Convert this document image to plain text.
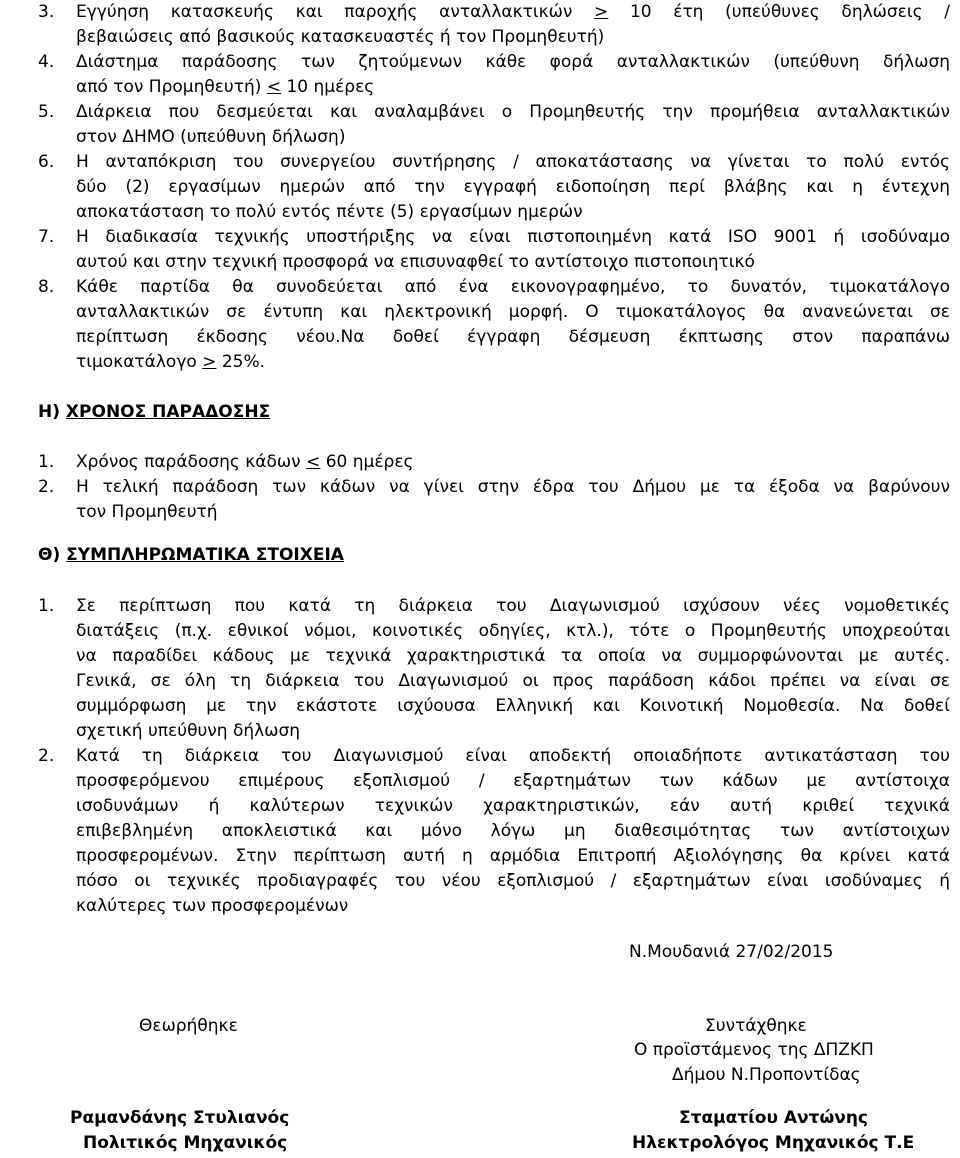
3. Εγγύηση κατασκευής και παροχής ανταλλακτικών > 10 έτη (υπεύθυνες δηλώσεις /
βεβαιώσεις από βασικούς κατασκευαστές ή τον Προμηθευτή)
4. Διάστημα παράδοσης των ζητούμενων κάθε φορά ανταλλακτικών (υπεύθυνη δήλωση
από τον Προμηθευτή) < 10 ημέρες
5. Διάρκεια που δεσμεύεται και αναλαμβάνει ο Προμηθευτής την προμήθεια ανταλλακτικών
στον ΔΗΜΟ (υπεύθυνη δήλωση)
6. Η ανταπόκριση του συνεργείου συντήρησης / αποκατάστασης να γίνεται το πολύ εντός
δύο (2) εργασίμων ημερών από την εγγραφή ειδοποίηση περί βλάβης και η έντεχνη
αποκατάσταση το πολύ εντός πέντε (5) εργασίμων ημερών
7. Η διαδικασία τεχνικής υποστήριξης να είναι πιστοποιημένη κατά ISO 9001 ή ισοδύναμο
αυτού και στην τεχνική προσφορά να επισυναφθεί το αντίστοιχο πιστοποιητικό
8. Κάθε παρτίδα θα συνοδεύεται από ένα εικονογραφημένο, το δυνατόν, τιμοκατάλογο
ανταλλακτικών σε έντυπη και ηλεκτρονική μορφή. Ο τιμοκατάλογος θα ανανεώνεται σε
περίπτωση έκδοσης νέου.Να δοθεί έγγραφη δέσμευση έκπτωσης στον παραπάνω
τιμοκατάλογο > 25%.
Η) ΧΡΟΝΟΣ ΠΑΡΑΔΟΣΗΣ
1. Χρόνος παράδοσης κάδων < 60 ημέρες
2. Η τελική παράδοση των κάδων να γίνει στην έδρα του Δήμου με τα έξοδα να βαρύνουν
τον Προμηθευτή
Θ) ΣΥΜΠΛΗΡΩΜΑΤΙΚΑ ΣΤΟΙΧΕΙΑ
1. Σε περίπτωση που κατά τη διάρκεια του Διαγωνισμού ισχύσουν νέες νομοθετικές
διατάξεις (π.χ. εθνικοί νόμοι, κοινοτικές οδηγίες, κτλ.), τότε ο Προμηθευτής υποχρεούται
να παραδίδει κάδους με τεχνικά χαρακτηριστικά τα οποία να συμμορφώνονται με αυτές.
Γενικά, σε όλη τη διάρκεια του Διαγωνισμού οι προς παράδοση κάδοι πρέπει να είναι σε
συμμόρφωση με την εκάστοτε ισχύουσα Ελληνική και Κοινοτική Νομοθεσία. Να δοθεί
σχετική υπεύθυνη δήλωση
2. Κατά τη διάρκεια του Διαγωνισμού είναι αποδεκτή οποιαδήποτε αντικατάσταση του
προσφερόμενου επιμέρους εξοπλισμού / εξαρτημάτων των κάδων με αντίστοιχα
ισοδυνάμων ή καλύτερων τεχνικών χαρακτηριστικών, εάν αυτή κριθεί τεχνικά
επιβεβλημένη αποκλειστικά και μόνο λόγω μη διαθεσιμότητας των αντίστοιχων
προσφερομένων. Στην περίπτωση αυτή η αρμόδια Επιτροπή Αξιολόγησης θα κρίνει κατά
πόσο οι τεχνικές προδιαγραφές του νέου εξοπλισμού / εξαρτημάτων είναι ισοδύναμες ή
καλύτερες των προσφερομένων
Ν.Μουδανιά 27/02/2015
Θεωρήθηκε
Ραμανδάνης Στυλιανός
Πολιτικός Μηχανικός
Συντάχθηκε
Ο προϊστάμενος της ΔΠΖΚΠ
Δήμου Ν.Προποντίδας
Σταματίου Αντώνης
Ηλεκτρολόγος Μηχανικός Τ.Ε
